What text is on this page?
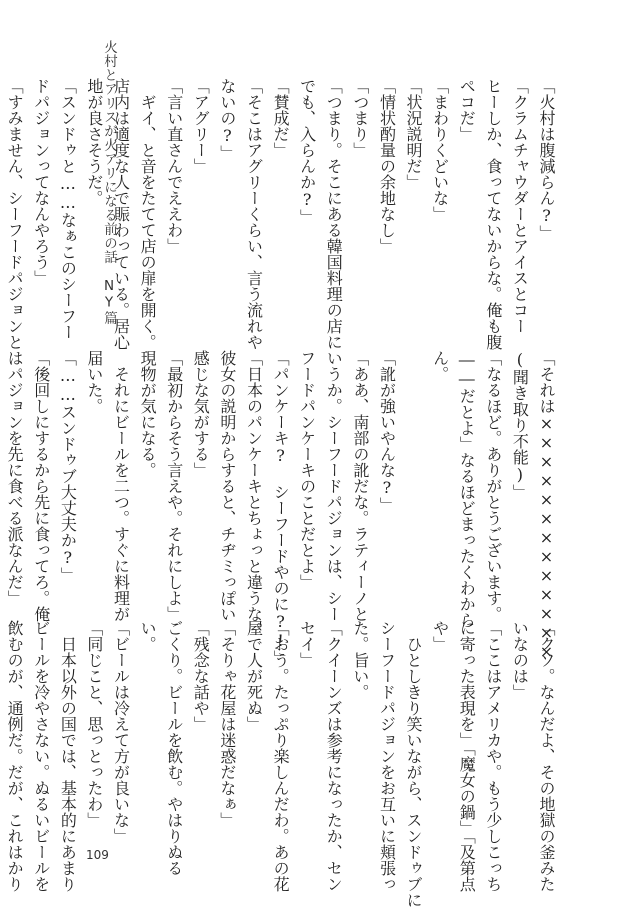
火村とアリスが火アリになる前の話　NY篇	「火村は腹減らん?」
「クラムチャウダーとアイスとコー
ヒーしか、食ってないからな。俺も腹
ペコだ」
「まわりくどいな」
「状況説明だ」
「情状酌量の余地なし」
「つまり」
「つまり。そこにある韓国料理の店に
でも、入らんか?」
「賛成だ」
「そこはアグリーくらい、言う流れや
ないの?」
「アグリー」
「言い直さんでええわ」
　ギイ、と音をたてて店の扉を開く。
店内は適度な人で賑わっている。居心
地が良さそうだ。
「スンドゥと……なぁこのシーフー
ドパジョンってなんやろう」
「すみません、シーフードパジョンと
「それは×××××××××××××
(聞き取り不能)」
「なるほど。ありがとうございます。
――だとよ」なるほどまったくわから
ん。

「訛が強いやんな?」
「ああ、南部の訛だな。ラティーノと
いうか。シーフードパジョンは、シー
フードパンケーキのことだとよ」
「パンケーキ? シーフードやのに?!」
「日本のパンケーキとちょっと違うな。
彼女の説明からすると、チヂミっぽい
感じな気がする」
「最初からそう言えや。それにしよ」
現物が気になる。
　それにビールを二つ。すぐに料理が
届いた。
「……スンドゥブ大丈夫か?」
「後回しにするから先に食ってろ。俺
はパジョンを先に食べる派なんだ」
「クソ。なんだよ、その地獄の釜みた
いなのは」
「ここはアメリカや。もう少しこっち
に寄った表現を」「魔女の鍋」「及第点
や」
　ひとしきり笑いながら、スンドゥブに
シーフードパジョンをお互いに頬張っ
た。旨い。
「クイーンズは参考になったか、セン
セイ」
「おう。たっぷり楽しんだわ。あの花
屋で人が死ぬ」
「そりゃ花屋は迷惑だなぁ」
「残念な話や」
ごくり。ビールを飲む。やはりぬる
い。
「ビールは冷えて方が良いな」
「同じこと、思っとったわ」
　日本以外の国では、基本的にあまり
ビールを冷やさない。ぬるいビールを
飲むのが、通例だ。だが、これはかり	109
